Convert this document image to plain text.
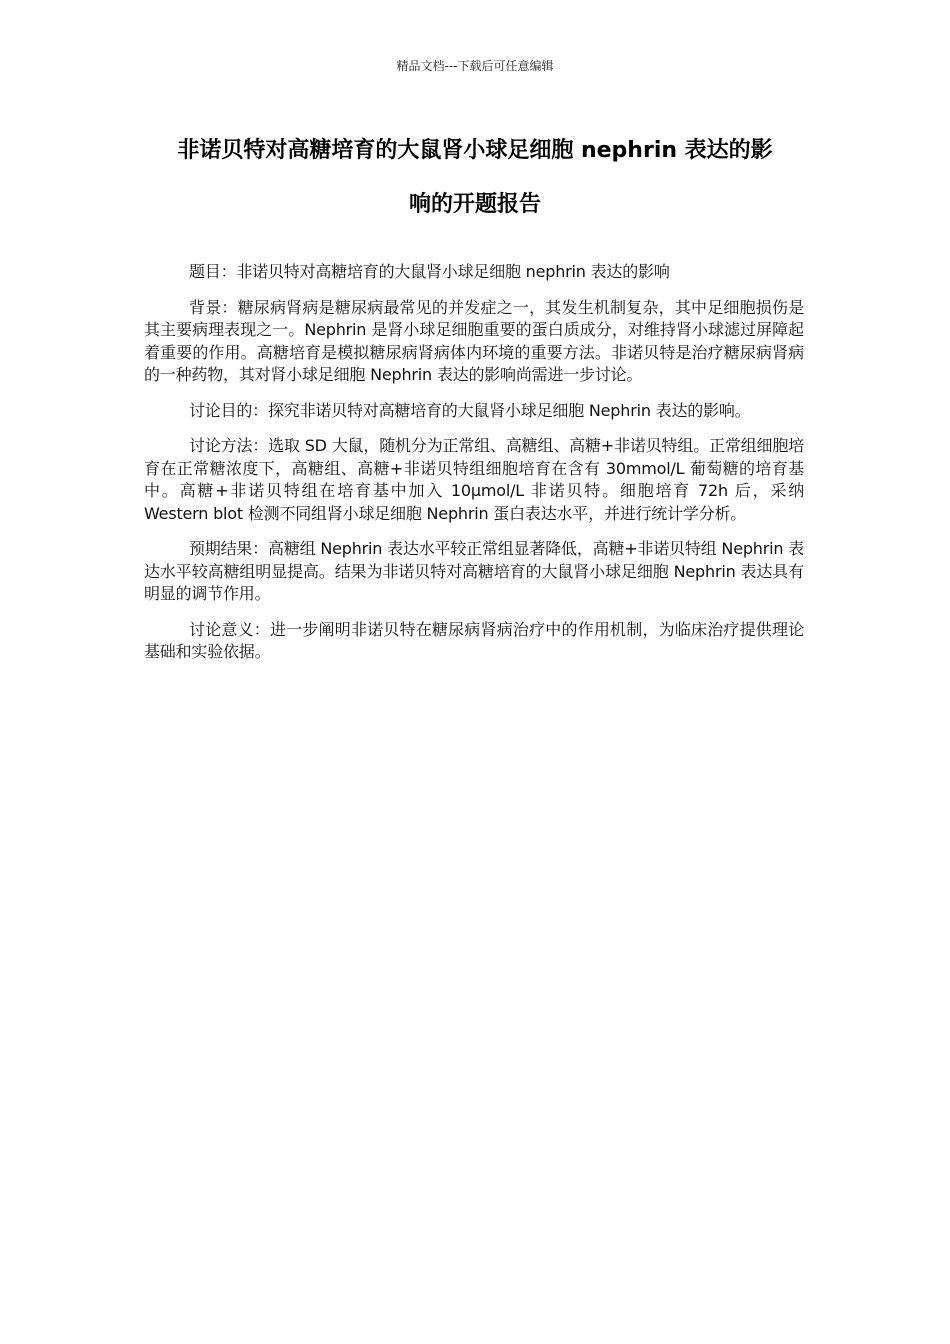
精品文档---下载后可任意编辑
非诺贝特对高糖培育的大鼠肾小球足细胞 nephrin 表达的影
响的开题报告

题目：非诺贝特对高糖培育的大鼠肾小球足细胞 nephrin 表达的影响

背景：糖尿病肾病是糖尿病最常见的并发症之一，其发生机制复杂，其中足细胞损伤是其主要病理表现之一。Nephrin 是肾小球足细胞重要的蛋白质成分，对维持肾小球滤过屏障起着重要的作用。高糖培育是模拟糖尿病肾病体内环境的重要方法。非诺贝特是治疗糖尿病肾病的一种药物，其对肾小球足细胞 Nephrin 表达的影响尚需进一步讨论。

讨论目的：探究非诺贝特对高糖培育的大鼠肾小球足细胞 Nephrin 表达的影响。

讨论方法：选取 SD 大鼠，随机分为正常组、高糖组、高糖+非诺贝特组。正常组细胞培育在正常糖浓度下，高糖组、高糖+非诺贝特组细胞培育在含有 30mmol/L 葡萄糖的培育基中。高糖+非诺贝特组在培育基中加入 10μmol/L 非诺贝特。细胞培育 72h 后，采纳 Western blot 检测不同组肾小球足细胞 Nephrin 蛋白表达水平，并进行统计学分析。

预期结果：高糖组 Nephrin 表达水平较正常组显著降低，高糖+非诺贝特组 Nephrin 表达水平较高糖组明显提高。结果为非诺贝特对高糖培育的大鼠肾小球足细胞 Nephrin 表达具有明显的调节作用。

讨论意义：进一步阐明非诺贝特在糖尿病肾病治疗中的作用机制，为临床治疗提供理论基础和实验依据。
